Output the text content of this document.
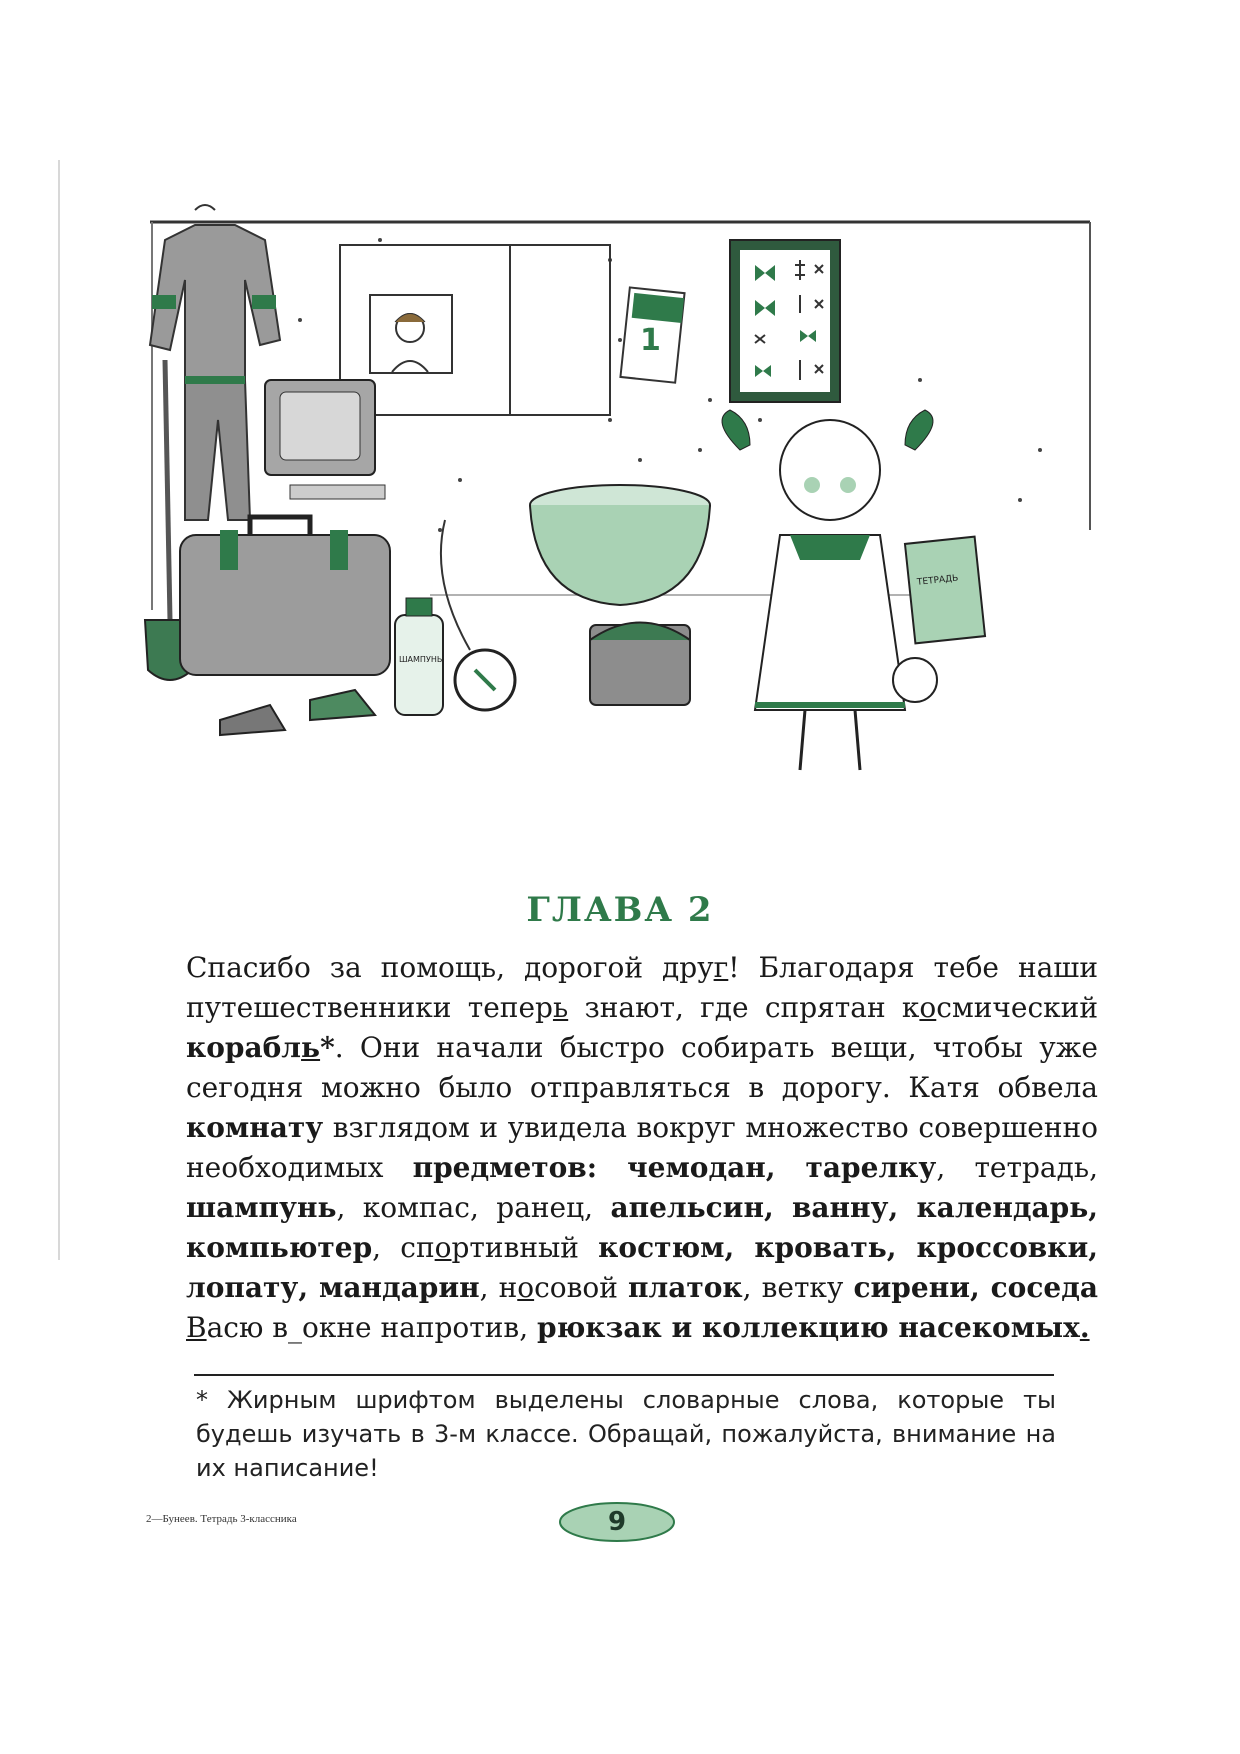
1
ШАМПУНЬ
ТЕТРАДЬ
ГЛАВА 2

Спасибо за помощь, дорогой друг! Благодаря тебе наши путешественники теперь знают, где спрятан космический корабль*. Они начали быстро собирать вещи, чтобы уже сегодня можно было отправляться в дорогу. Катя обвела комнату взглядом и увидела вокруг множество совершенно необходимых предметов: чемодан, тарелку, тетрадь, шампунь, компас, ранец, апельсин, ванну, календарь, компьютер, спортивный костюм, кровать, кроссовки, лопату, мандарин, носовой платок, ветку сирени, соседа Васю в_окне напротив, рюкзак и коллекцию насекомых.

* Жирным шрифтом выделены словарные слова, которые ты будешь изучать в 3-м классе. Обращай, пожалуйста, внимание на их написание!

2—Бунеев. Тетрадь 3-классника	9
